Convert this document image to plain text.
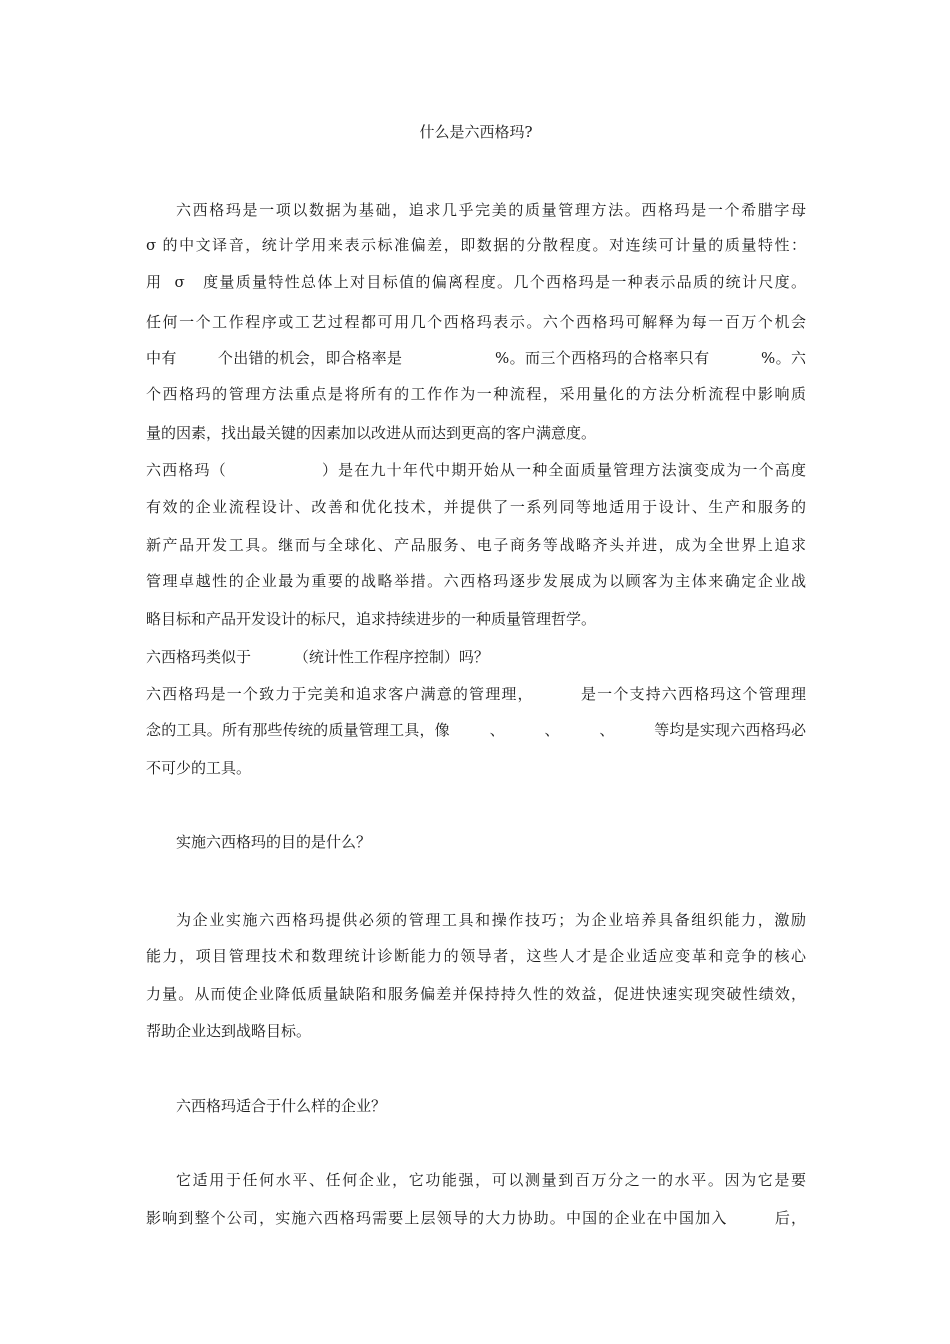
什么是六西格玛?
六西格玛是一项以数据为基础，追求几乎完美的质量管理方法。西格玛是一个希腊字母
σ 的中文译音，统计学用来表示标准偏差，即数据的分散程度。对连续可计量的质量特性：
用  σ   度量质量特性总体上对目标值的偏离程度。几个西格玛是一种表示品质的统计尺度。
任何一个工作程序或工艺过程都可用几个西格玛表示。六个西格玛可解释为每一百万个机会
中有        个出错的机会，即合格率是                  %。而三个西格玛的合格率只有          %。六
个西格玛的管理方法重点是将所有的工作作为一种流程，采用量化的方法分析流程中影响质
量的因素，找出最关键的因素加以改进从而达到更高的客户满意度。
六西格玛（                ）是在九十年代中期开始从一种全面质量管理方法演变成为一个高度
有效的企业流程设计、改善和优化技术，并提供了一系列同等地适用于设计、生产和服务的
新产品开发工具。继而与全球化、产品服务、电子商务等战略齐头并进，成为全世界上追求
管理卓越性的企业最为重要的战略举措。六西格玛逐步发展成为以顾客为主体来确定企业战
略目标和产品开发设计的标尺，追求持续进步的一种质量管理哲学。
六西格玛类似于         （统计性工作程序控制）吗？
六西格玛是一个致力于完美和追求客户满意的管理理，        是一个支持六西格玛这个管理理
念的工具。所有那些传统的质量管理工具，像        、        、        、        等均是实现六西格玛必
不可少的工具。
实施六西格玛的目的是什么？
为企业实施六西格玛提供必须的管理工具和操作技巧；为企业培养具备组织能力，激励
能力，项目管理技术和数理统计诊断能力的领导者，这些人才是企业适应变革和竞争的核心
力量。从而使企业降低质量缺陷和服务偏差并保持持久性的效益，促进快速实现突破性绩效，
帮助企业达到战略目标。
六西格玛适合于什么样的企业？
它适用于任何水平、任何企业，它功能强，可以测量到百万分之一的水平。因为它是要
影响到整个公司，实施六西格玛需要上层领导的大力协助。中国的企业在中国加入        后，
